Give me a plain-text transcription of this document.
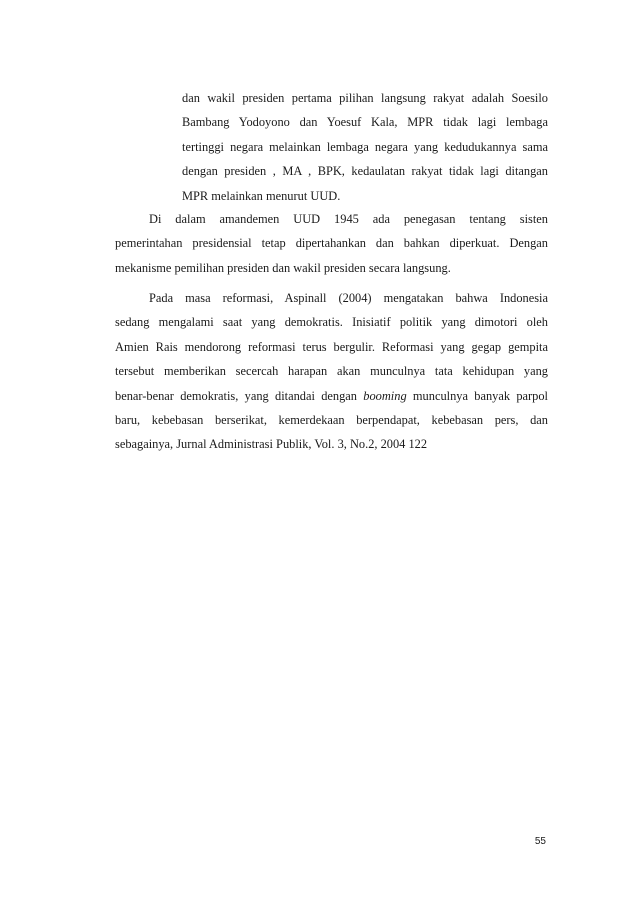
dan wakil presiden pertama pilihan langsung rakyat adalah Soesilo
Bambang Yodoyono dan Yoesuf Kala, MPR tidak lagi lembaga
tertinggi negara melainkan lembaga negara yang kedudukannya sama
dengan presiden , MA , BPK, kedaulatan rakyat tidak lagi ditangan
MPR melainkan menurut UUD.
Di dalam amandemen UUD 1945 ada penegasan tentang sisten
pemerintahan presidensial tetap dipertahankan dan bahkan diperkuat. Dengan
mekanisme pemilihan presiden dan wakil presiden secara langsung.
Pada masa reformasi, Aspinall (2004) mengatakan bahwa Indonesia
sedang mengalami saat yang demokratis. Inisiatif politik yang dimotori oleh
Amien Rais mendorong reformasi terus bergulir. Reformasi yang gegap gempita
tersebut memberikan secercah harapan akan munculnya tata kehidupan yang
benar-benar demokratis, yang ditandai dengan booming munculnya banyak parpol
baru, kebebasan berserikat, kemerdekaan berpendapat, kebebasan pers, dan
sebagainya, Jurnal Administrasi Publik, Vol. 3, No.2, 2004 122
55
